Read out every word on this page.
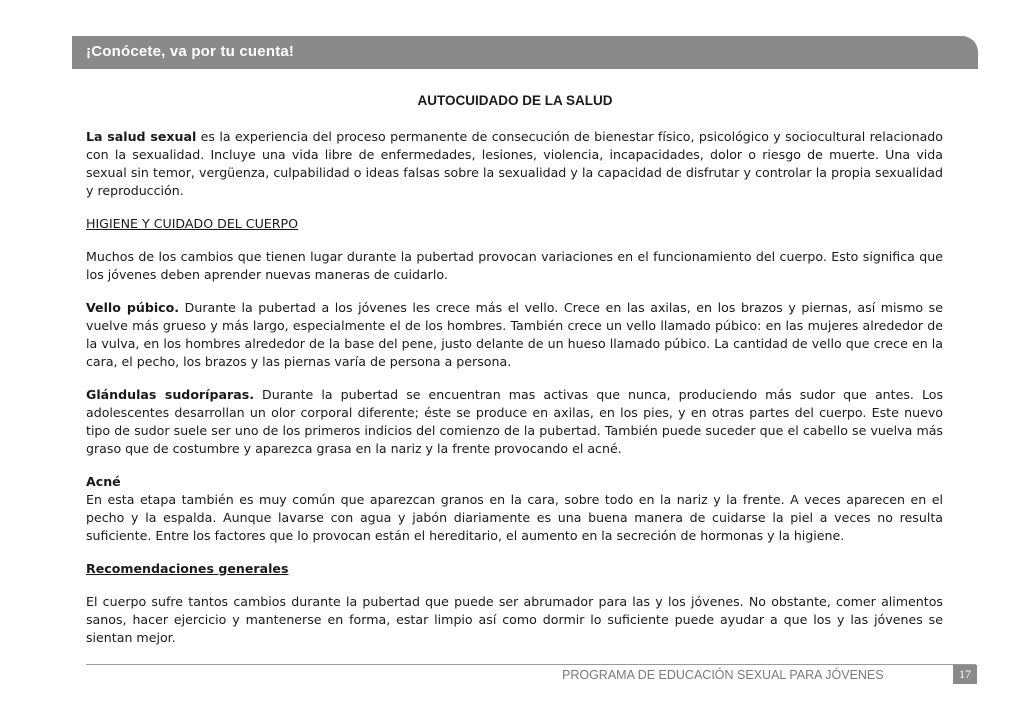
¡Conócete, va por tu cuenta!
AUTOCUIDADO DE LA SALUD

La salud sexual es la experiencia del proceso permanente de consecución de bienestar físico, psicológico y sociocultural relacionado con la sexualidad. Incluye una vida libre de enfermedades, lesiones, violencia, incapacidades, dolor o riesgo de muerte. Una vida sexual sin temor, vergüenza, culpabilidad o ideas falsas sobre la sexualidad y la capacidad de disfrutar y controlar la propia sexualidad y reproducción.

HIGIENE Y CUIDADO DEL CUERPO

Muchos de los cambios que tienen lugar durante la pubertad provocan variaciones en el funcionamiento del cuerpo. Esto significa que los jóvenes deben aprender nuevas maneras de cuidarlo.

Vello púbico. Durante la pubertad a los jóvenes les crece más el vello. Crece en las axilas, en los brazos y piernas, así mismo se vuelve más grueso y más largo, especialmente el de los hombres. También crece un vello llamado púbico: en las mujeres alrededor de la vulva, en los hombres alrededor de la base del pene, justo delante de un hueso llamado púbico. La cantidad de vello que crece en la cara, el pecho, los brazos y las piernas varía de persona a persona.

Glándulas sudoríparas. Durante la pubertad se encuentran mas activas que nunca, produciendo más sudor que antes. Los adolescentes desarrollan un olor corporal diferente; éste se produce en axilas, en los pies, y en otras partes del cuerpo. Este nuevo tipo de sudor suele ser uno de los primeros indicios del comienzo de la pubertad. También puede suceder que el cabello se vuelva más graso que de costumbre y aparezca grasa en la nariz y la frente provocando el acné.

Acné
En esta etapa también es muy común que aparezcan granos en la cara, sobre todo en la nariz y la frente. A veces aparecen en el pecho y la espalda. Aunque lavarse con agua y jabón diariamente es una buena manera de cuidarse la piel a veces no resulta suficiente. Entre los factores que lo provocan están el hereditario, el aumento en la secreción de hormonas y la higiene.

Recomendaciones generales

El cuerpo sufre tantos cambios durante la pubertad que puede ser abrumador para las y los jóvenes. No obstante, comer alimentos sanos, hacer ejercicio y mantenerse en forma, estar limpio así como dormir lo suficiente puede ayudar a que los y las jóvenes se sientan mejor.

PROGRAMA DE EDUCACIÓN SEXUAL PARA JÓVENES	17
